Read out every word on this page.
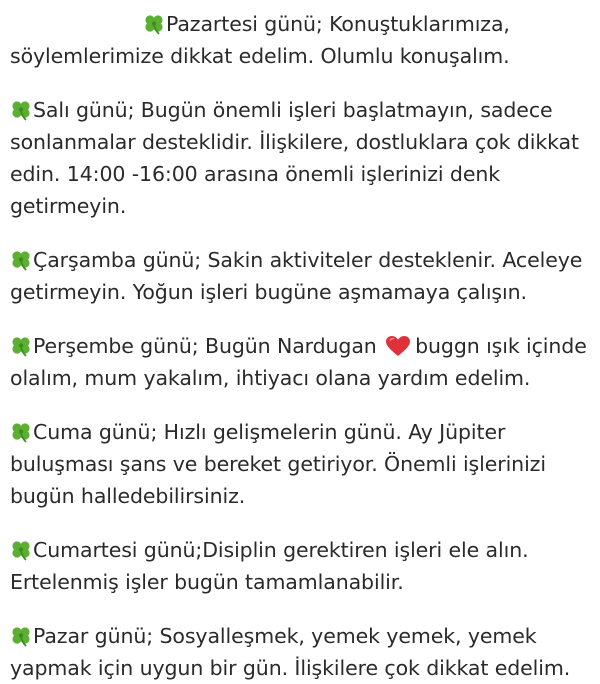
Pazartesi günü; Konuştuklarımıza, söylemlerimize dikkat edelim. Olumlu konuşalım.

Salı günü; Bugün önemli işleri başlatmayın, sadece sonlanmalar desteklidir. İlişkilere, dostluklara çok dikkat edin. 14:00 -16:00 arasına önemli işlerinizi denk getirmeyin.

Çarşamba günü; Sakin aktiviteler desteklenir. Aceleye getirmeyin. Yoğun işleri bugüne aşmamaya çalışın.

Perşembe günü; Bugün Nardugan buggn ışık içinde olalım, mum yakalım, ihtiyacı olana yardım edelim.

Cuma günü; Hızlı gelişmelerin günü. Ay Jüpiter buluşması şans ve bereket getiriyor. Önemli işlerinizi bugün halledebilirsiniz.

Cumartesi günü;Disiplin gerektiren işleri ele alın. Ertelenmiş işler bugün tamamlanabilir.

Pazar günü; Sosyalleşmek, yemek yemek, yemek yapmak için uygun bir gün. İlişkilere çok dikkat edelim.
